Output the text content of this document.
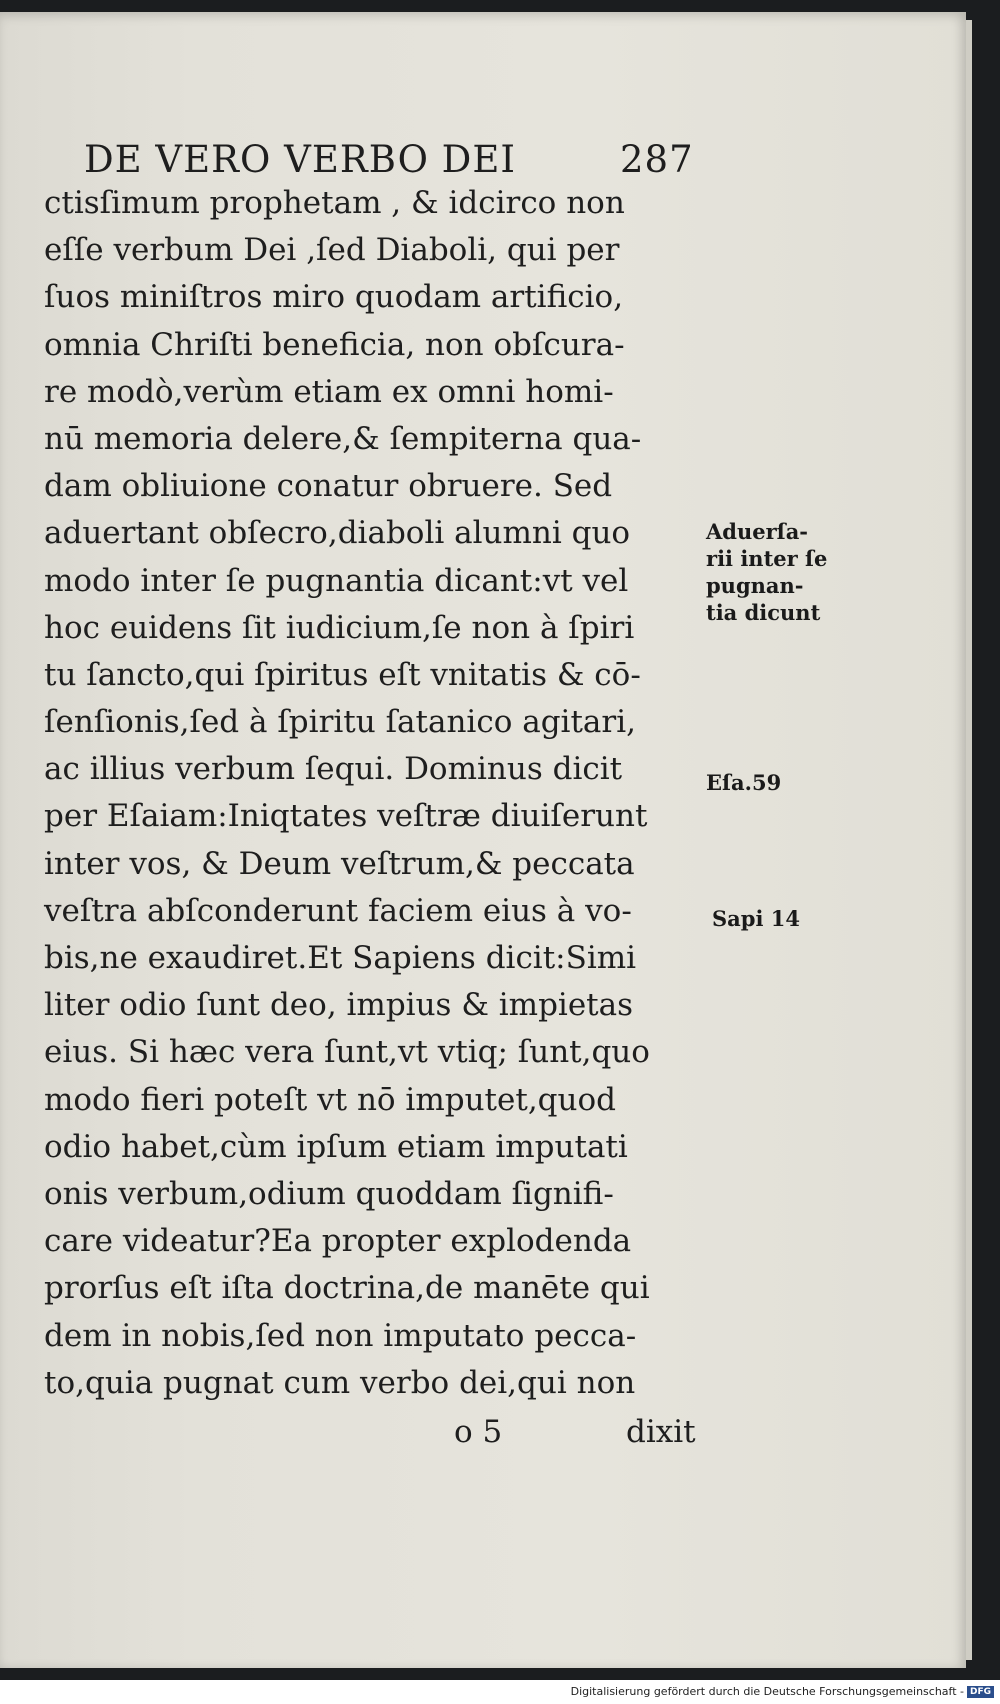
DE VERO VERBO DEI	287
ctisſimum prophetam , & idcirco non
eſſe verbum Dei ,ſed Diaboli, qui per
ſuos miniſtros miro quodam artificio,
omnia Chriſti beneficia, non obſcura-
re modò,verùm etiam ex omni homi-
nū memoria delere,& ſempiterna qua-
dam obliuione conatur obruere. Sed
aduertant obſecro,diaboli alumni quo
modo inter ſe pugnantia dicant:vt vel
hoc euidens ſit iudicium,ſe non à ſpiri
tu ſancto,qui ſpiritus eſt vnitatis & cō-
ſenſionis,ſed à ſpiritu ſatanico agitari,
ac illius verbum ſequi. Dominus dicit
per Eſaiam:Iniqtates veſtræ diuiſerunt
inter vos, & Deum veſtrum,& peccata
veſtra abſconderunt faciem eius à vo-
bis,ne exaudiret.Et Sapiens dicit:Simi
liter odio ſunt deo, impius & impietas
eius. Si hæc vera ſunt,vt vtiq; ſunt,quo
modo fieri poteſt vt nō imputet,quod
odio habet,cùm ipſum etiam imputati
onis verbum,odium quoddam ſignifi-
care videatur?Ea propter explodenda
prorſus eſt iſta doctrina,de manēte qui
dem in nobis,ſed non imputato pecca-
to,quia pugnat cum verbo dei,qui non
o 5	dixit
Aduerſa-
rii inter ſe
pugnan-
tia dicunt
Eſa.59
Sapi 14
Digitalisierung gefördert durch die Deutsche Forschungsgemeinschaft - DFG
